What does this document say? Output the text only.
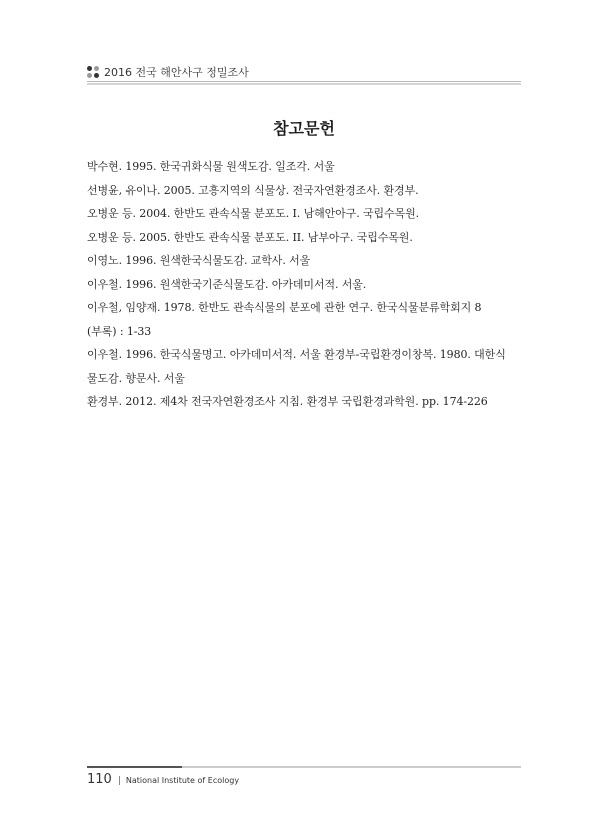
2016 전국 해안사구 정밀조사
참고문헌
박수현. 1995. 한국귀화식물 원색도감. 일조각. 서울
선병윤, 유이나. 2005. 고흥지역의 식물상. 전국자연환경조사. 환경부.
오병운 등. 2004. 한반도 관속식물 분포도. I. 남해안아구. 국립수목원.
오병운 등. 2005. 한반도 관속식물 분포도. II. 남부아구. 국립수목원.
이영노. 1996. 원색한국식물도감. 교학사. 서울
이우철. 1996. 원색한국기준식물도감. 아카데미서적. 서울.
이우철, 임양재. 1978. 한반도 관속식물의 분포에 관한 연구. 한국식물분류학회지 8
(부록) : 1-33
이우철. 1996. 한국식물명고. 아카데미서적. 서울 환경부-국립환경이창복. 1980. 대한식
물도감. 향문사. 서울
환경부. 2012. 제4차 전국자연환경조사 지침. 환경부 국립환경과학원. pp. 174-226
110 | National Institute of Ecology
